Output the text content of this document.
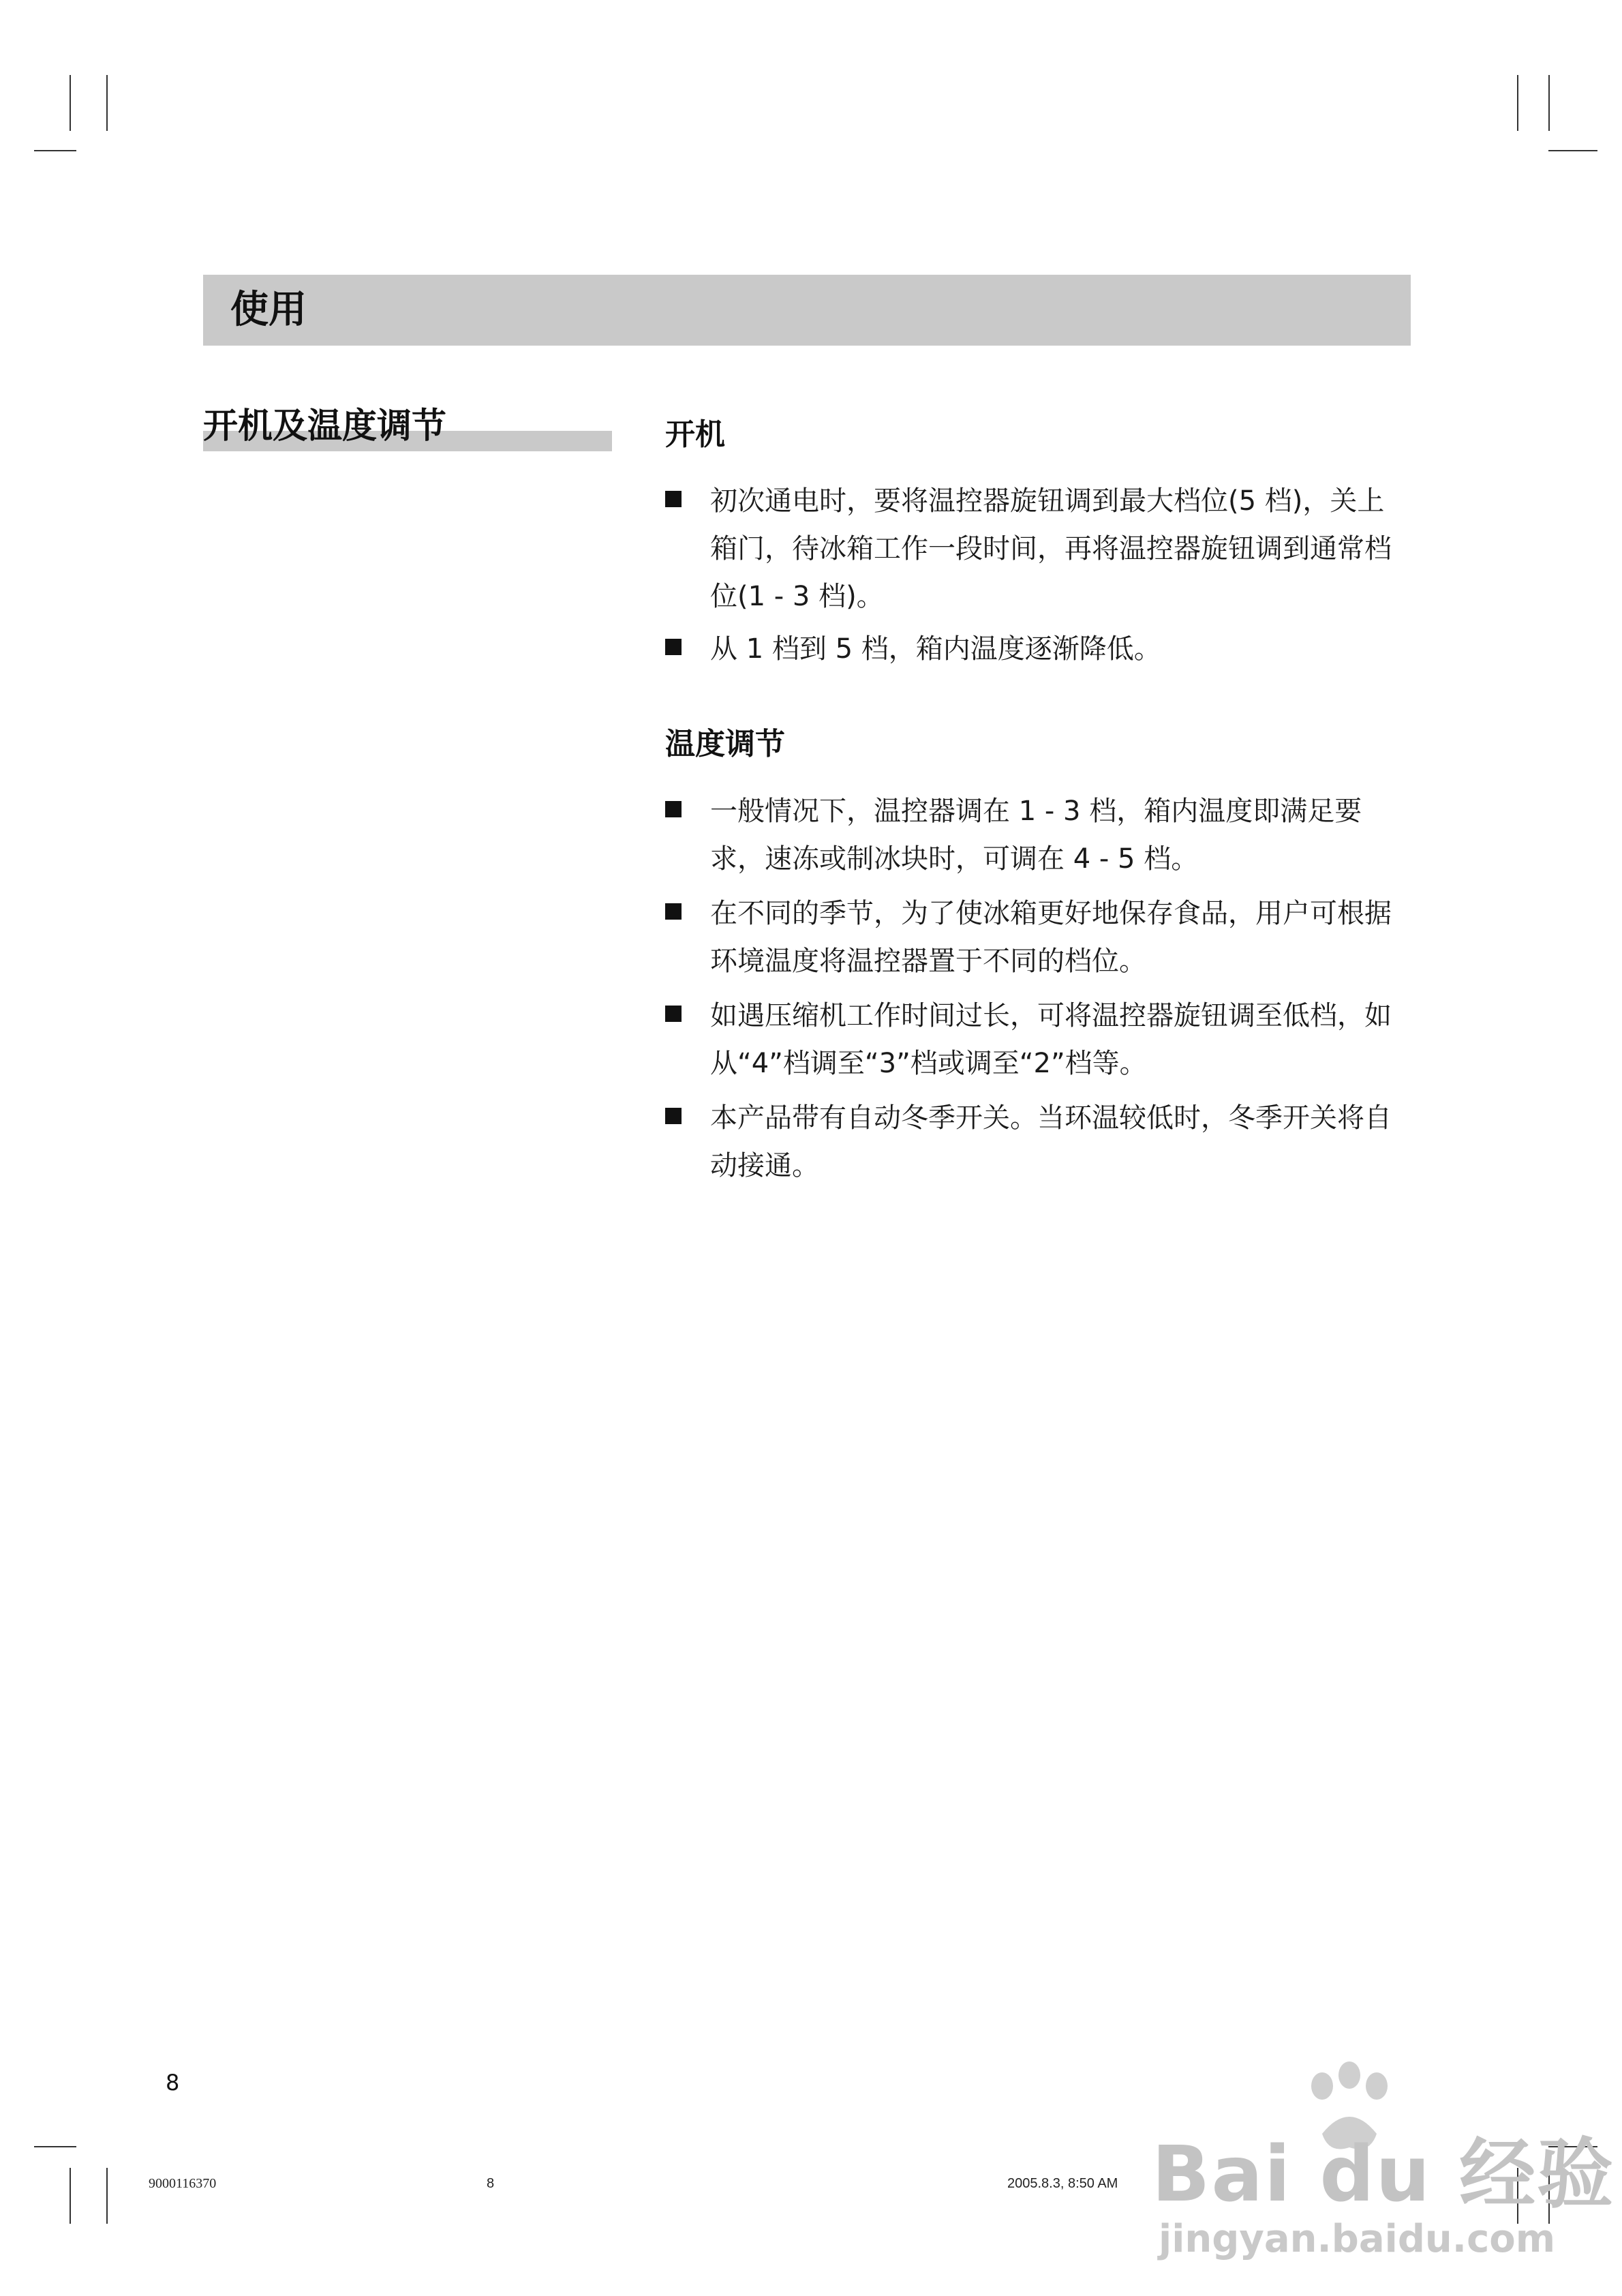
使用
开机及温度调节	开机
初次通电时，要将温控器旋钮调到最大档位(5 档)，关上箱门，待冰箱工作一段时间，再将温控器旋钮调到通常档位(1 - 3 档)。
从 1 档到 5 档，箱内温度逐渐降低。
温度调节
一般情况下，温控器调在 1 - 3 档，箱内温度即满足要求，速冻或制冰块时，可调在 4 - 5 档。
在不同的季节，为了使冰箱更好地保存食品，用户可根据环境温度将温控器置于不同的档位。
如遇压缩机工作时间过长，可将温控器旋钮调至低档，如从“4”档调至“3”档或调至“2”档等。
本产品带有自动冬季开关。当环温较低时，冬季开关将自动接通。
8
9000116370	8	2005.8.3, 8:50 AM Bai du 经验
jingyan.baidu.com
